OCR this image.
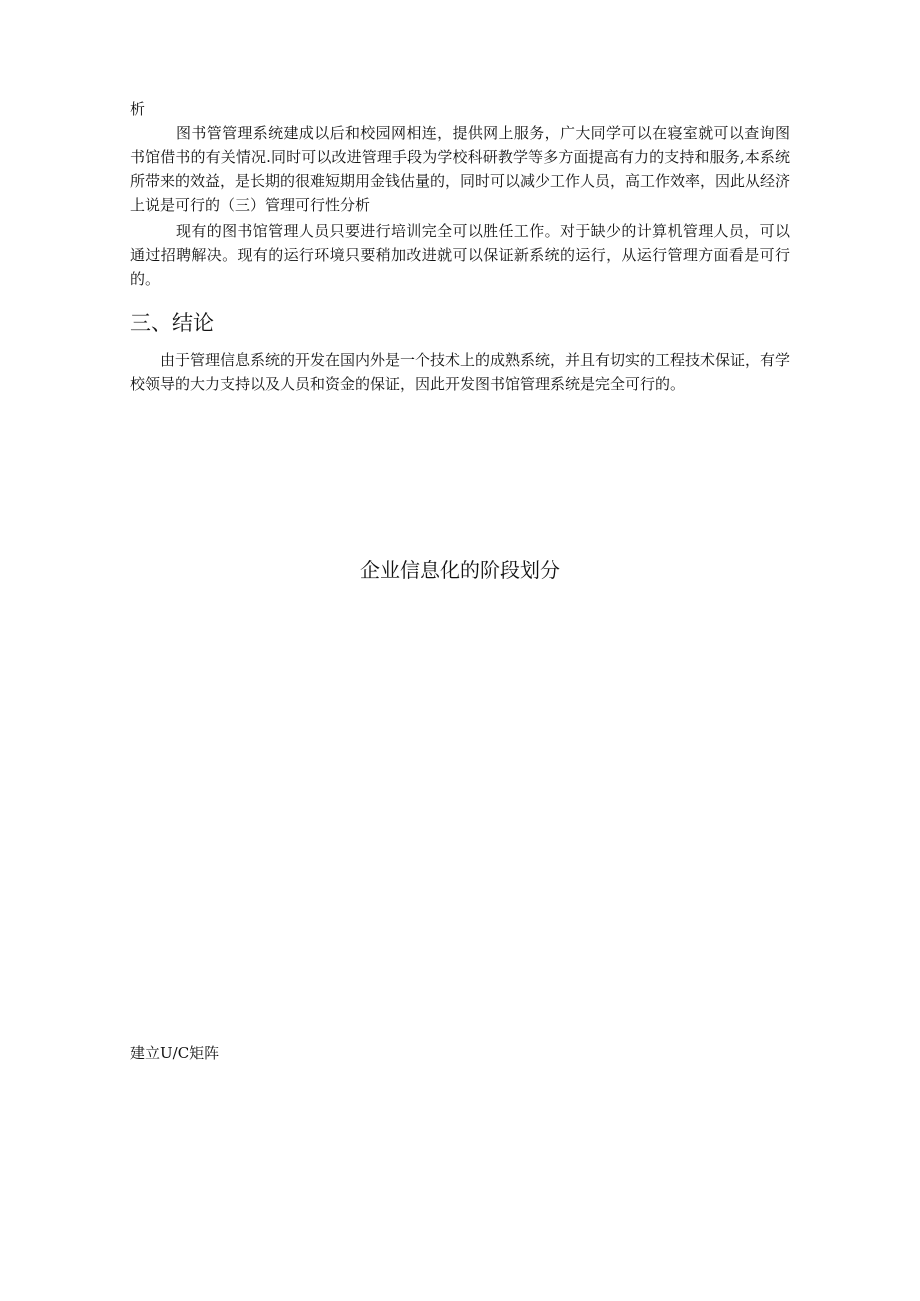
析

图书管管理系统建成以后和校园网相连，提供网上服务，广大同学可以在寝室就可以查询图书馆借书的有关情况.同时可以改进管理手段为学校科研教学等多方面提高有力的支持和服务,本系统所带来的效益，是长期的很难短期用金钱估量的，同时可以减少工作人员，高工作效率，因此从经济上说是可行的（三）管理可行性分析

现有的图书馆管理人员只要进行培训完全可以胜任工作。对于缺少的计算机管理人员，可以通过招聘解决。现有的运行环境只要稍加改进就可以保证新系统的运行，从运行管理方面看是可行的。

三、结论

由于管理信息系统的开发在国内外是一个技术上的成熟系统，并且有切实的工程技术保证，有学校领导的大力支持以及人员和资金的保证，因此开发图书馆管理系统是完全可行的。

企业信息化的阶段划分

建立U/C矩阵
